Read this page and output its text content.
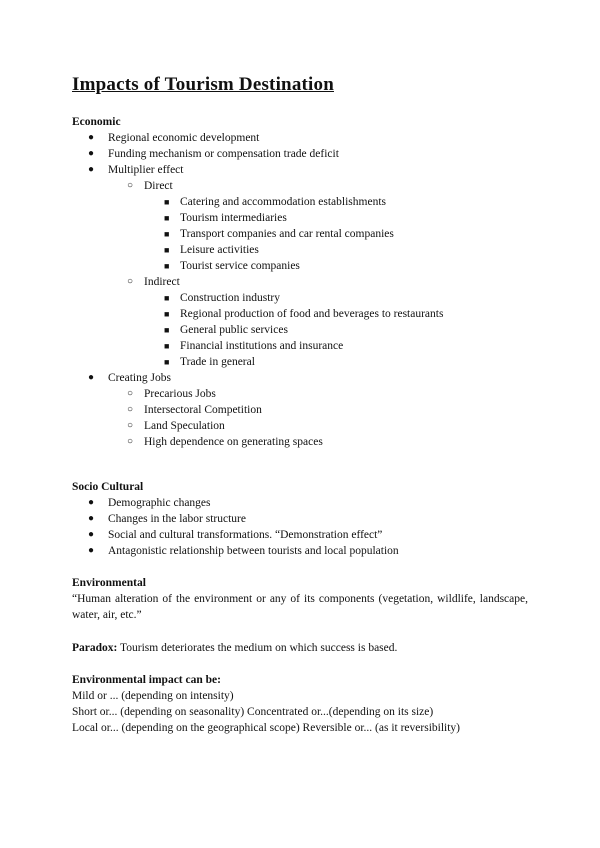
Impacts of Tourism Destination
Economic
● Regional economic development
● Funding mechanism or compensation trade deficit
● Multiplier effect
○ Direct
■ Catering and accommodation establishments
■ Tourism intermediaries
■ Transport companies and car rental companies
■ Leisure activities
■ Tourist service companies
○ Indirect
■ Construction industry
■ Regional production of food and beverages to restaurants
■ General public services
■ Financial institutions and insurance
■ Trade in general
● Creating Jobs
○ Precarious Jobs
○ Intersectoral Competition
○ Land Speculation
○ High dependence on generating spaces
Socio Cultural
● Demographic changes
● Changes in the labor structure
● Social and cultural transformations. “Demonstration effect”
● Antagonistic relationship between tourists and local population
Environmental

“Human alteration of the environment or any of its components (vegetation, wildlife, landscape, water, air, etc.”

Paradox: Tourism deteriorates the medium on which success is based.

Environmental impact can be:

Mild or ... (depending on intensity)

Short or... (depending on seasonality) Concentrated or...(depending on its size)

Local or... (depending on the geographical scope) Reversible or... (as it reversibility)
